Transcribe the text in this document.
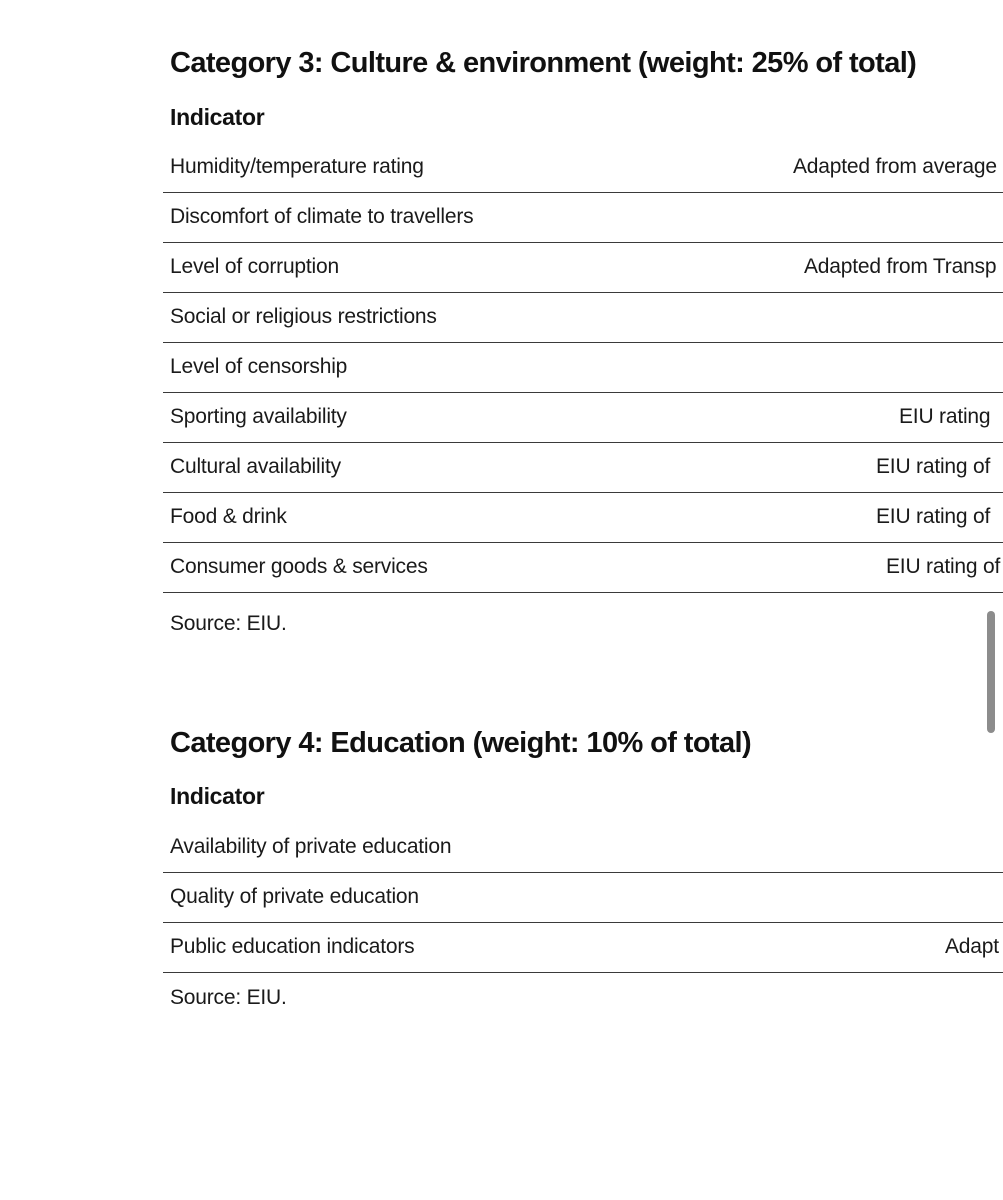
Category 3: Culture & environment (weight: 25% of total)
Indicator
Humidity/temperature rating	Adapted from average
Discomfort of climate to travellers
Level of corruption	Adapted from Transp
Social or religious restrictions
Level of censorship
Sporting availability	EIU rating
Cultural availability	EIU rating of
Food & drink	EIU rating of
Consumer goods & services	EIU rating of
Source: EIU.
Category 4: Education (weight: 10% of total)
Indicator
Availability of private education
Quality of private education
Public education indicators	Adapt
Source: EIU.
